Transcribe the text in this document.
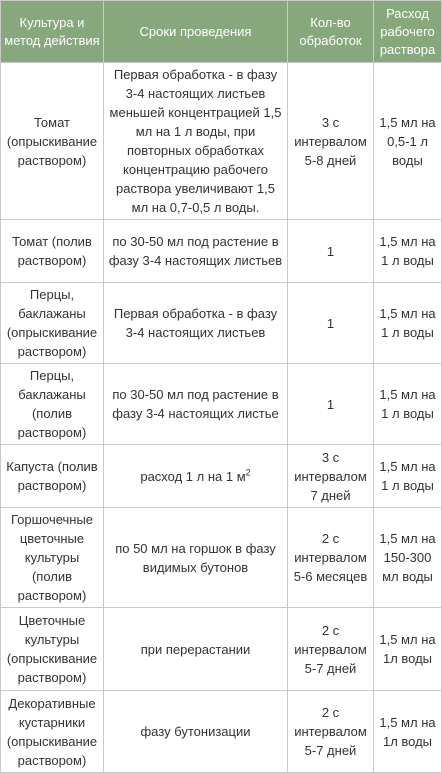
Культура и метод действия	Сроки проведения	Кол-во обработок	Расход рабочего раствора
Томат (опрыскивание раствором)	Первая обработка - в фазу 3-4 настоящих листьев меньшей концентрацией 1,5 мл на 1 л воды, при повторных обработках концентрацию рабочего раствора увеличивают 1,5 мл на 0,7-0,5 л воды.	3 с интервалом 5-8 дней	1,5 мл на 0,5-1 л воды
Томат (полив раствором)	по 30-50 мл под растение в фазу 3-4 настоящих листьев	1	1,5 мл на 1 л воды
Перцы, баклажаны (опрыскивание раствором)	Первая обработка - в фазу 3-4 настоящих листьев	1	1,5 мл на 1 л воды
Перцы, баклажаны (полив раствором)	по 30-50 мл под растение в фазу 3-4 настоящих листье	1	1,5 мл на 1 л воды
Капуста (полив раствором)	расход 1 л на 1 $м^2$	3 с интервалом 7 дней	1,5 мл на 1 л воды
Горшочечные цветочные культуры (полив раствором)	по 50 мл на горшок в фазу видимых бутонов	2 с интервалом 5-6 месяцев	1,5 мл на 150-300 мл воды
Цветочные культуры (опрыскивание раствором)	при перерастании	2 с интервалом 5-7 дней	1,5 мл на 1л воды
Декоративные кустарники (опрыскивание раствором)	фазу бутонизации	2 с интервалом 5-7 дней	1,5 мл на 1л воды
